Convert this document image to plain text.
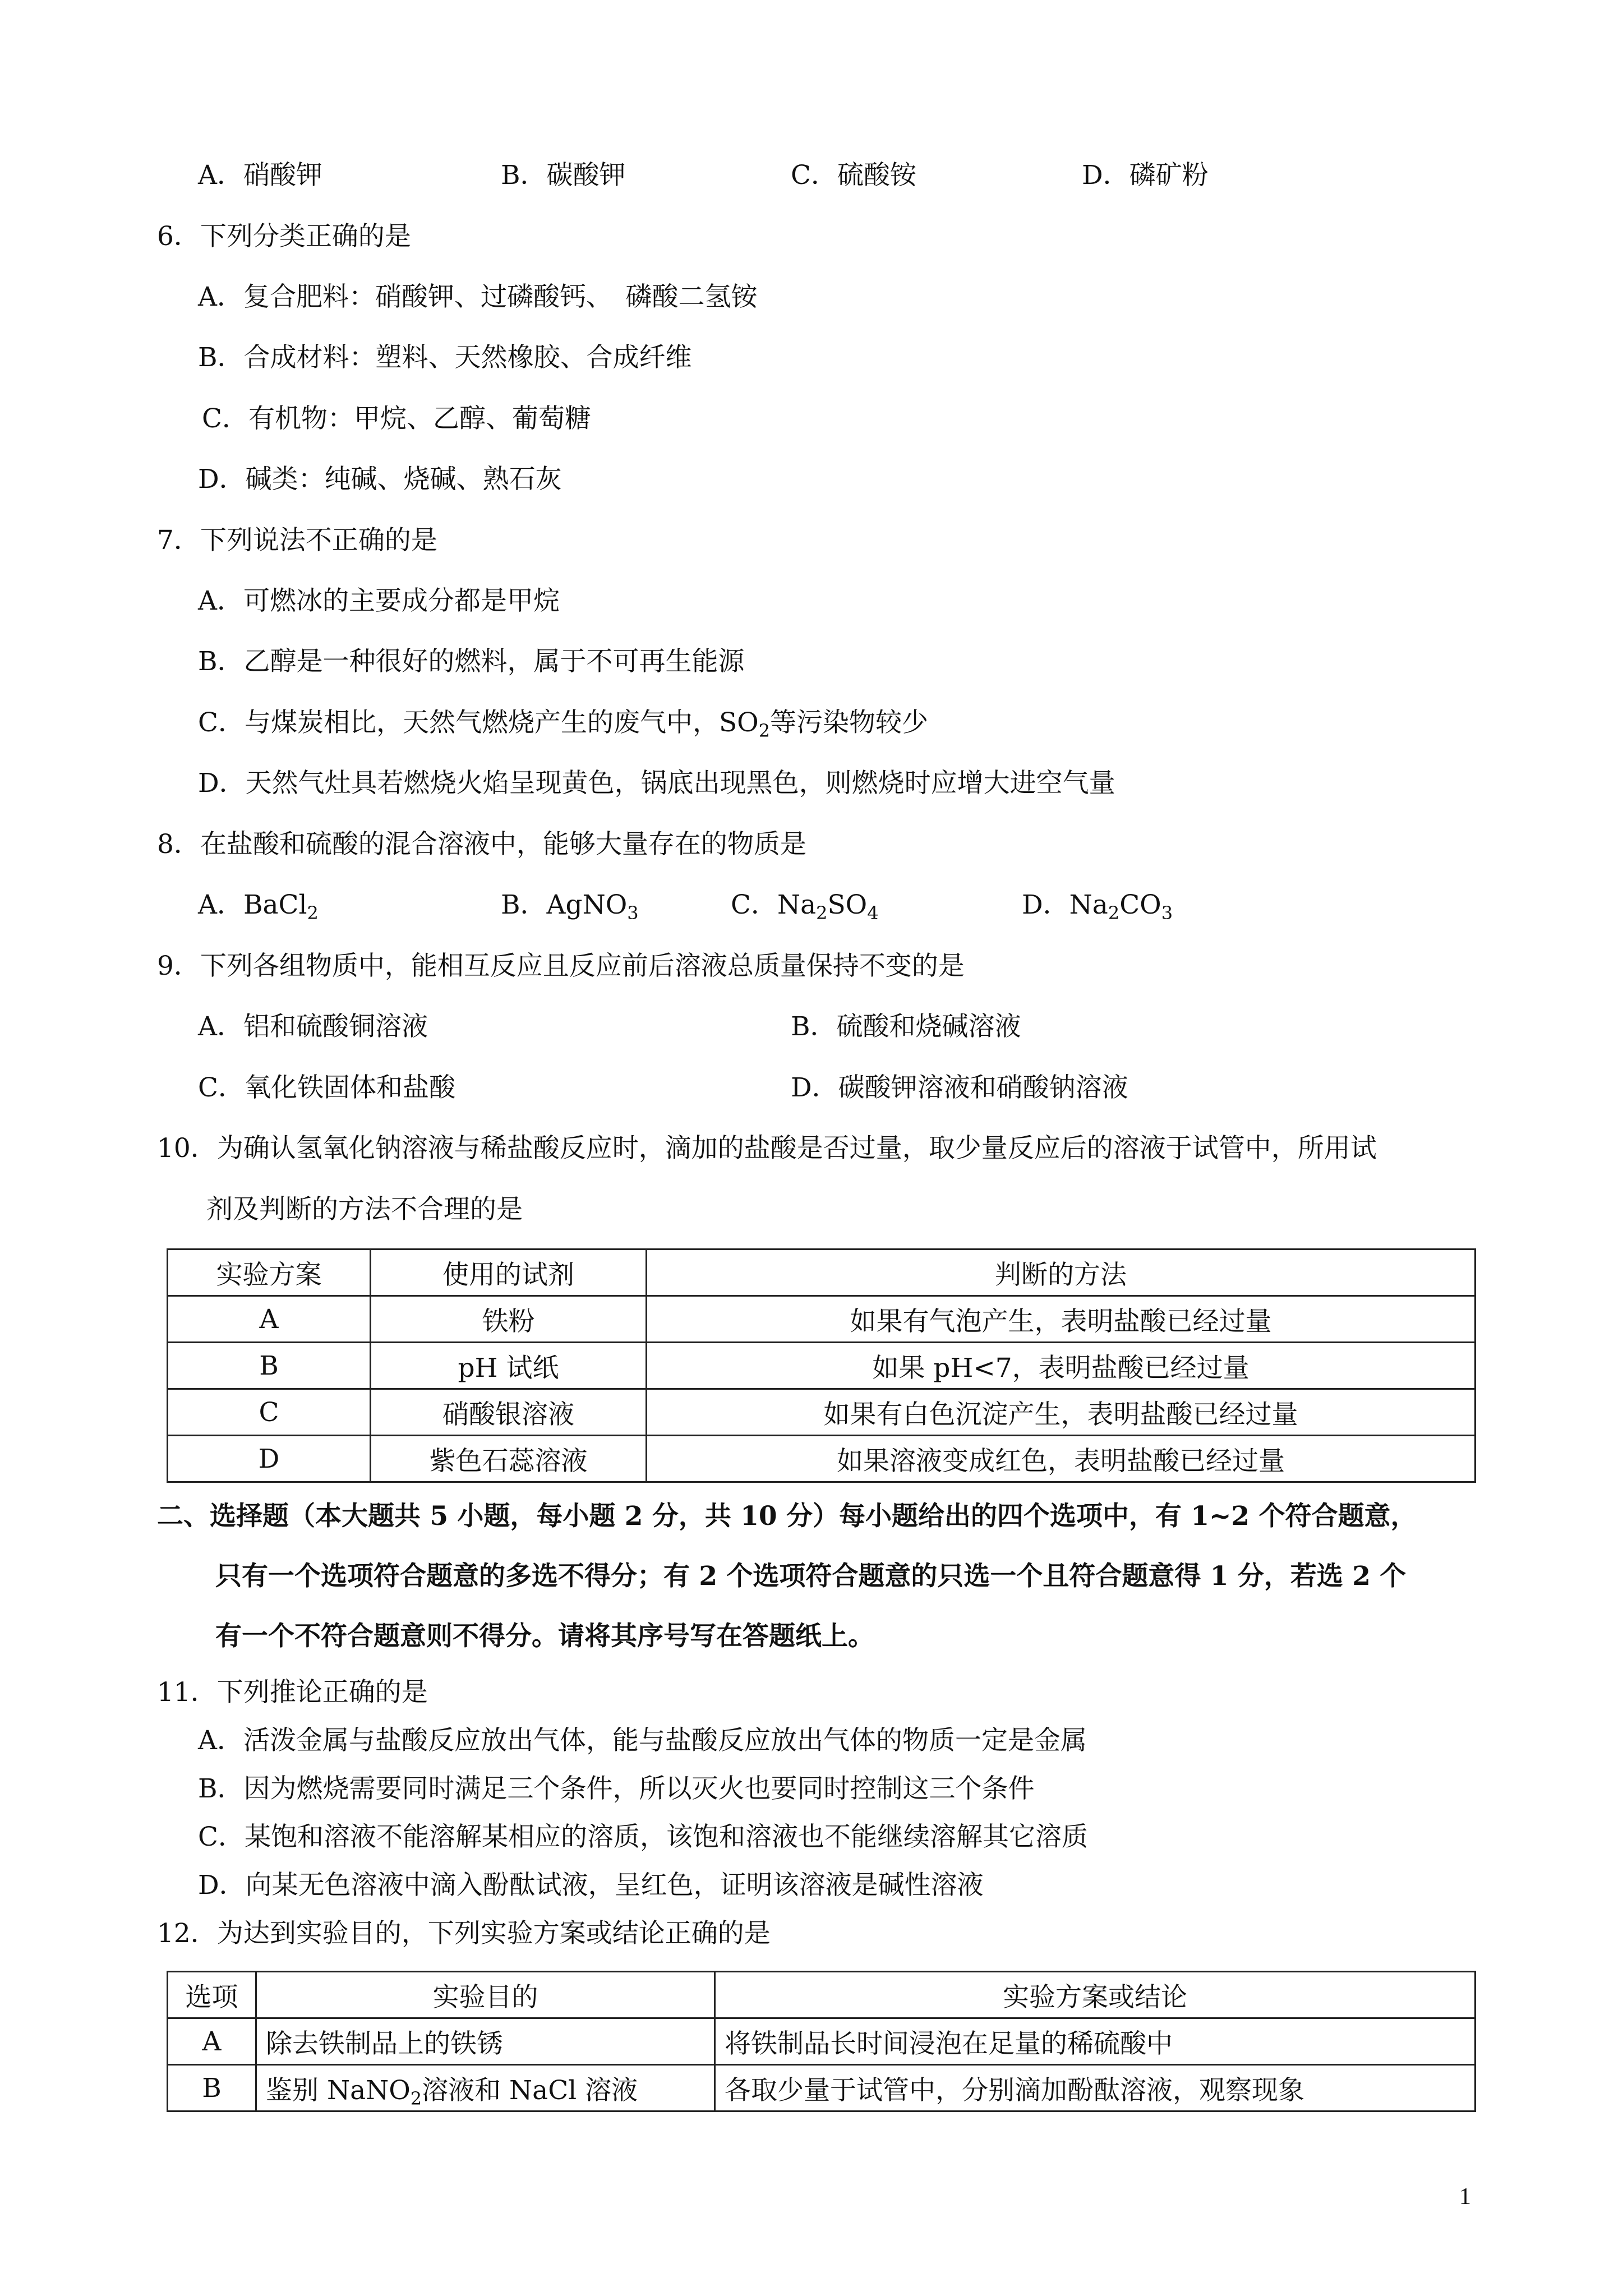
A．硝酸钾	B．碳酸钾	C．硫酸铵	D．磷矿粉
6．下列分类正确的是
A．复合肥料：硝酸钾、过磷酸钙、　磷酸二氢铵
B．合成材料：塑料、天然橡胶、合成纤维
C．有机物：甲烷、乙醇、葡萄糖
D．碱类：纯碱、烧碱、熟石灰
7．下列说法不正确的是
A．可燃冰的主要成分都是甲烷
B．乙醇是一种很好的燃料，属于不可再生能源
C．与煤炭相比，天然气燃烧产生的废气中，$SO_2$等污染物较少
D．天然气灶具若燃烧火焰呈现黄色，锅底出现黑色，则燃烧时应增大进空气量
8．在盐酸和硫酸的混合溶液中，能够大量存在的物质是
A．BaCl$_2$	B．AgNO$_3$	C．$Na_2SO_4$	D．$Na_2CO_3$
9．下列各组物质中，能相互反应且反应前后溶液总质量保持不变的是
A．铝和硫酸铜溶液	B．硫酸和烧碱溶液
C．氧化铁固体和盐酸	D．碳酸钾溶液和硝酸钠溶液
10．为确认氢氧化钠溶液与稀盐酸反应时，滴加的盐酸是否过量，取少量反应后的溶液于试管中，所用试
剂及判断的方法不合理的是
实验方案	使用的试剂	判断的方法
A	铁粉	如果有气泡产生，表明盐酸已经过量
B	pH 试纸	如果 pH<7，表明盐酸已经过量
C	硝酸银溶液	如果有白色沉淀产生，表明盐酸已经过量
D	紫色石蕊溶液	如果溶液变成红色，表明盐酸已经过量
二、选择题（本大题共 5 小题，每小题 2 分，共 10 分）每小题给出的四个选项中，有 1~2 个符合题意，
只有一个选项符合题意的多选不得分；有 2 个选项符合题意的只选一个且符合题意得 1 分，若选 2 个
有一个不符合题意则不得分。请将其序号写在答题纸上。
11．下列推论正确的是
A．活泼金属与盐酸反应放出气体，能与盐酸反应放出气体的物质一定是金属
B．因为燃烧需要同时满足三个条件，所以灭火也要同时控制这三个条件
C．某饱和溶液不能溶解某相应的溶质，该饱和溶液也不能继续溶解其它溶质
D．向某无色溶液中滴入酚酞试液，呈红色，证明该溶液是碱性溶液
12．为达到实验目的，下列实验方案或结论正确的是
选项	实验目的	实验方案或结论
A	除去铁制品上的铁锈	将铁制品长时间浸泡在足量的稀硫酸中
B	鉴别 NaNO$_2$溶液和 NaCl 溶液	各取少量于试管中，分别滴加酚酞溶液，观察现象
1
